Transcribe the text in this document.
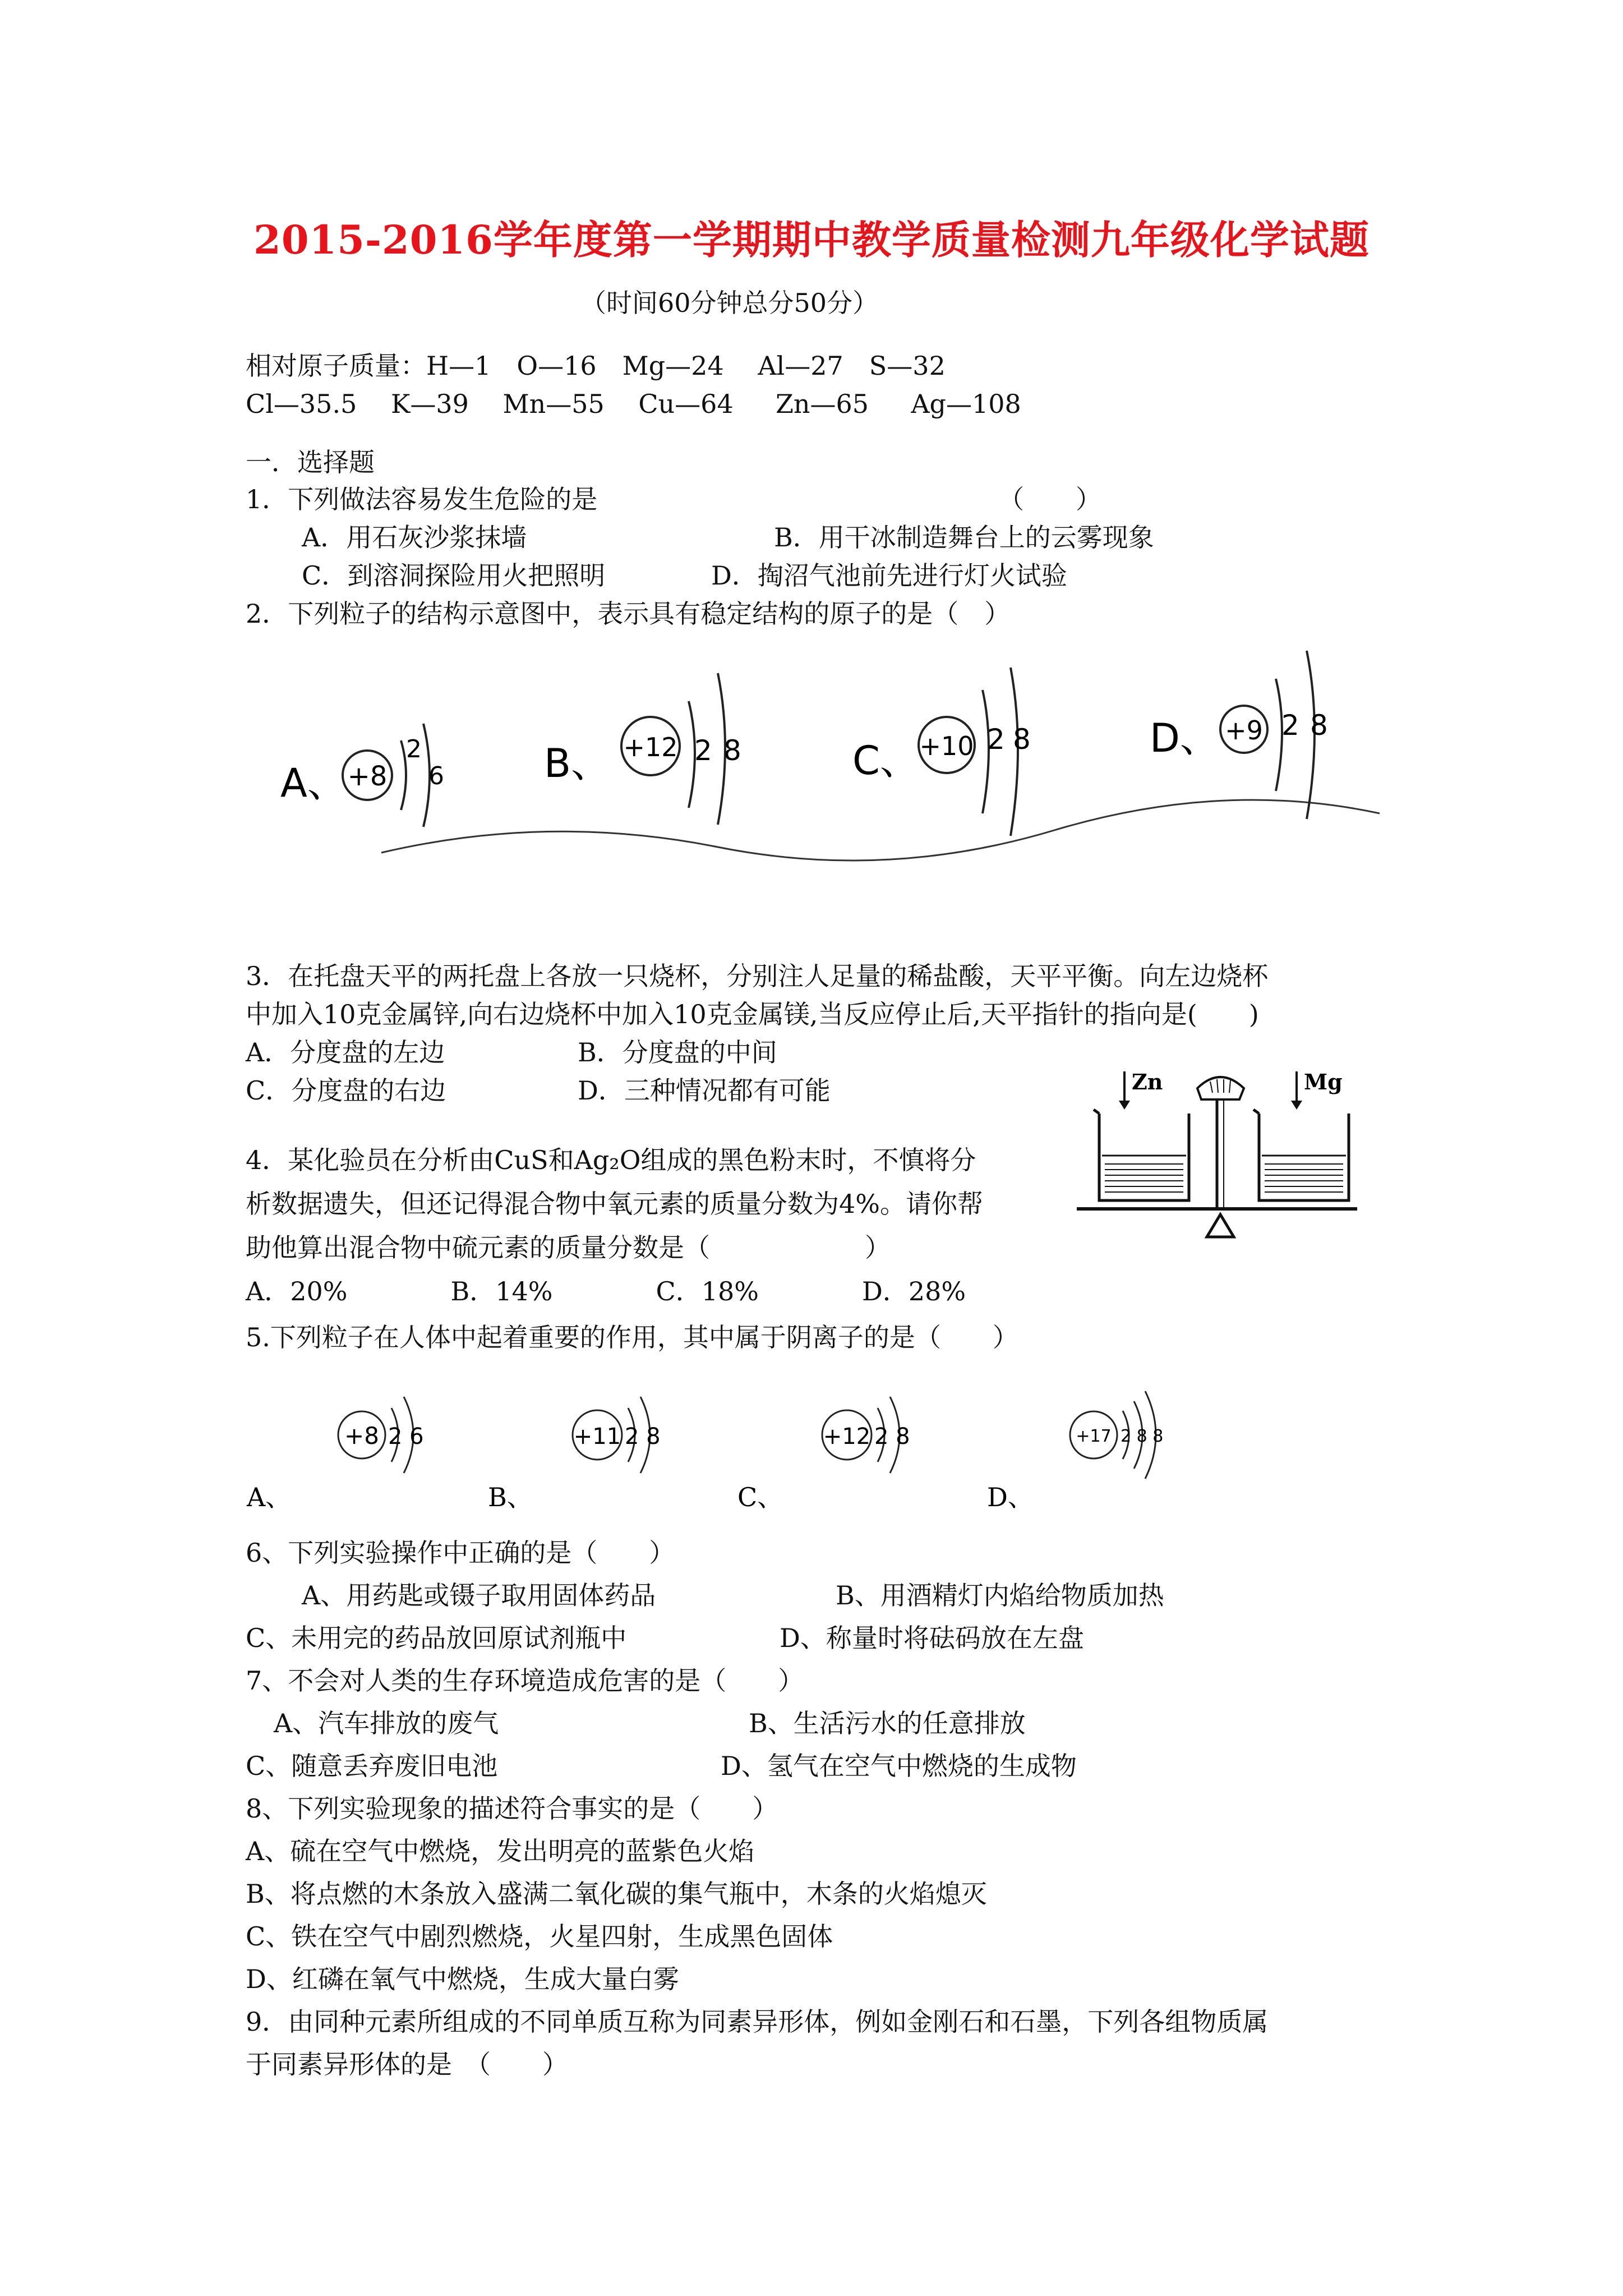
2015-2016学年度第一学期期中教学质量检测九年级化学试题
（时间60分钟总分50分）
相对原子质量：H—1　O—16　Mg—24　 Al—27　S—32
Cl—35.5　 K—39　 Mn—55　 Cu—64　  Zn—65　  Ag—108
一．选择题
1．下列做法容易发生危险的是	（　　）
A．用石灰沙浆抹墙	B．用干冰制造舞台上的云雾现象
C．到溶洞探险用火把照明	D．掏沼气池前先进行灯火试验
2．下列粒子的结构示意图中，表示具有稳定结构的原子的是（　）
A、 +8
2
6	B、 +12 2 8	C、 +10 2 8	D、 +9 2 8
3．在托盘天平的两托盘上各放一只烧杯，分别注人足量的稀盐酸，天平平衡。向左边烧杯
中加入10克金属锌,向右边烧杯中加入10克金属镁,当反应停止后,天平指针的指向是(　　)
A．分度盘的左边	B．分度盘的中间
C．分度盘的右边	D．三种情况都有可能	Zn	Mg
4．某化验员在分析由CuS和Ag₂O组成的黑色粉末时，不慎将分
析数据遗失，但还记得混合物中氧元素的质量分数为4%。请你帮
助他算出混合物中硫元素的质量分数是（　　　　　　）
A．20%　　　　B．14%　　　　C．18%　　　　D．28%
5.下列粒子在人体中起着重要的作用，其中属于阴离子的是（　　）
A、
+8 2 6
B、
+11 2 8
C、
+12 2 8
D、
+17 2 8 8
6、下列实验操作中正确的是（　　）
A、用药匙或镊子取用固体药品	B、用酒精灯内焰给物质加热
C、未用完的药品放回原试剂瓶中	D、称量时将砝码放在左盘
7、不会对人类的生存环境造成危害的是（　　）
A、汽车排放的废气	B、生活污水的任意排放
C、随意丢弃废旧电池	D、氢气在空气中燃烧的生成物
8、下列实验现象的描述符合事实的是（　　）
A、硫在空气中燃烧，发出明亮的蓝紫色火焰
B、将点燃的木条放入盛满二氧化碳的集气瓶中，木条的火焰熄灭
C、铁在空气中剧烈燃烧，火星四射，生成黑色固体
D、红磷在氧气中燃烧，生成大量白雾
9．由同种元素所组成的不同单质互称为同素异形体，例如金刚石和石墨，下列各组物质属
于同素异形体的是　（　　）
